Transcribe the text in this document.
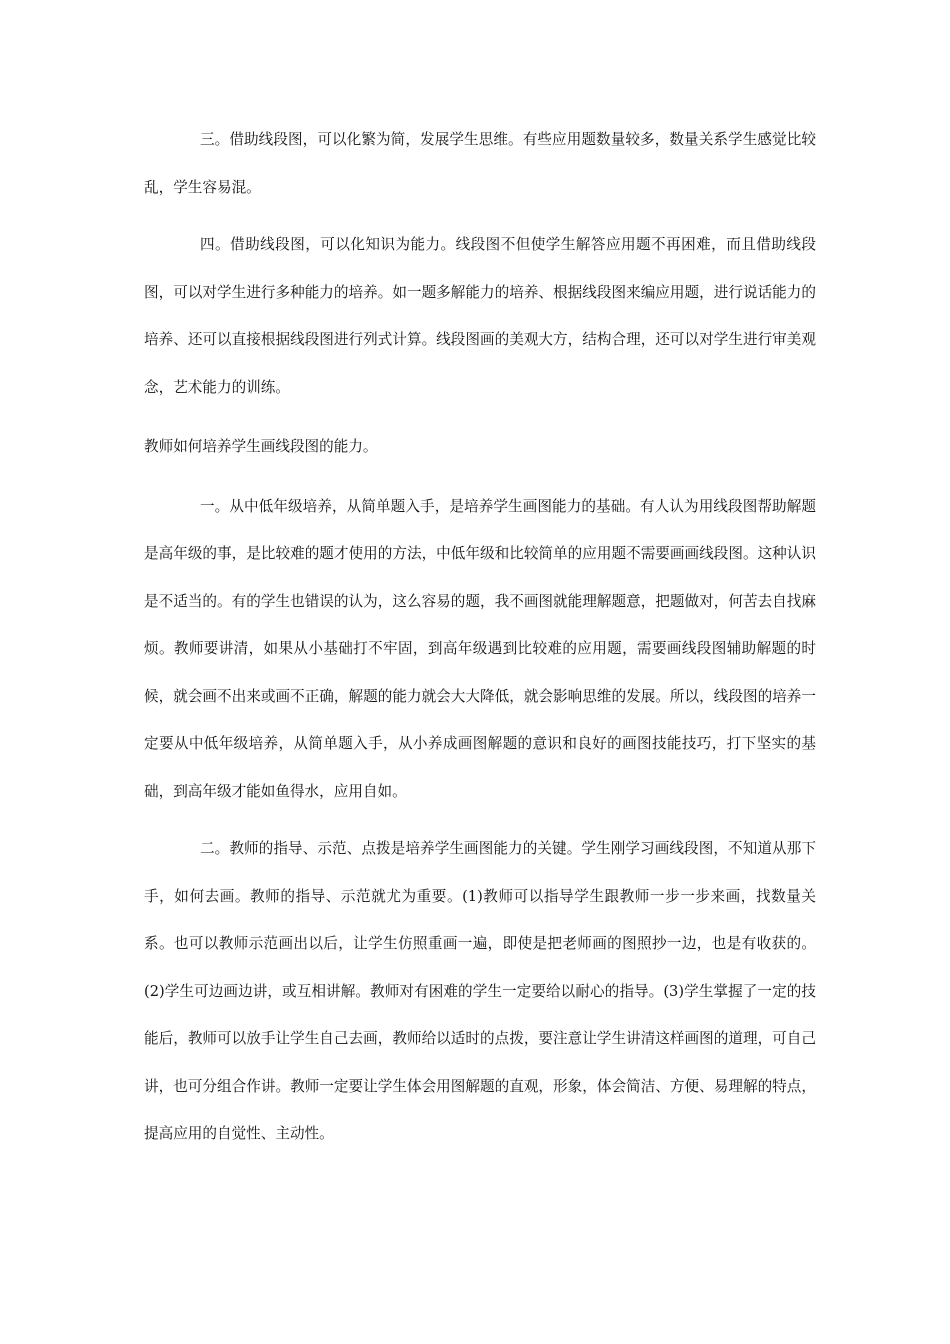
三。借助线段图，可以化繁为简，发展学生思维。有些应用题数量较多，数量关系学生感觉比较乱，学生容易混。

四。借助线段图，可以化知识为能力。线段图不但使学生解答应用题不再困难，而且借助线段图，可以对学生进行多种能力的培养。如一题多解能力的培养、根据线段图来编应用题，进行说话能力的培养、还可以直接根据线段图进行列式计算。线段图画的美观大方，结构合理，还可以对学生进行审美观念，艺术能力的训练。

教师如何培养学生画线段图的能力。

一。从中低年级培养，从简单题入手，是培养学生画图能力的基础。有人认为用线段图帮助解题是高年级的事，是比较难的题才使用的方法，中低年级和比较简单的应用题不需要画画线段图。这种认识是不适当的。有的学生也错误的认为，这么容易的题，我不画图就能理解题意，把题做对，何苦去自找麻烦。教师要讲清，如果从小基础打不牢固，到高年级遇到比较难的应用题，需要画线段图辅助解题的时候，就会画不出来或画不正确，解题的能力就会大大降低，就会影响思维的发展。所以，线段图的培养一定要从中低年级培养，从简单题入手，从小养成画图解题的意识和良好的画图技能技巧，打下坚实的基础，到高年级才能如鱼得水，应用自如。

二。教师的指导、示范、点拨是培养学生画图能力的关键。学生刚学习画线段图，不知道从那下手，如何去画。教师的指导、示范就尤为重要。(1)教师可以指导学生跟教师一步一步来画，找数量关系。也可以教师示范画出以后，让学生仿照重画一遍，即使是把老师画的图照抄一边，也是有收获的。(2)学生可边画边讲，或互相讲解。教师对有困难的学生一定要给以耐心的指导。(3)学生掌握了一定的技能后，教师可以放手让学生自己去画，教师给以适时的点拨，要注意让学生讲清这样画图的道理，可自己讲，也可分组合作讲。教师一定要让学生体会用图解题的直观，形象，体会简洁、方便、易理解的特点，提高应用的自觉性、主动性。
